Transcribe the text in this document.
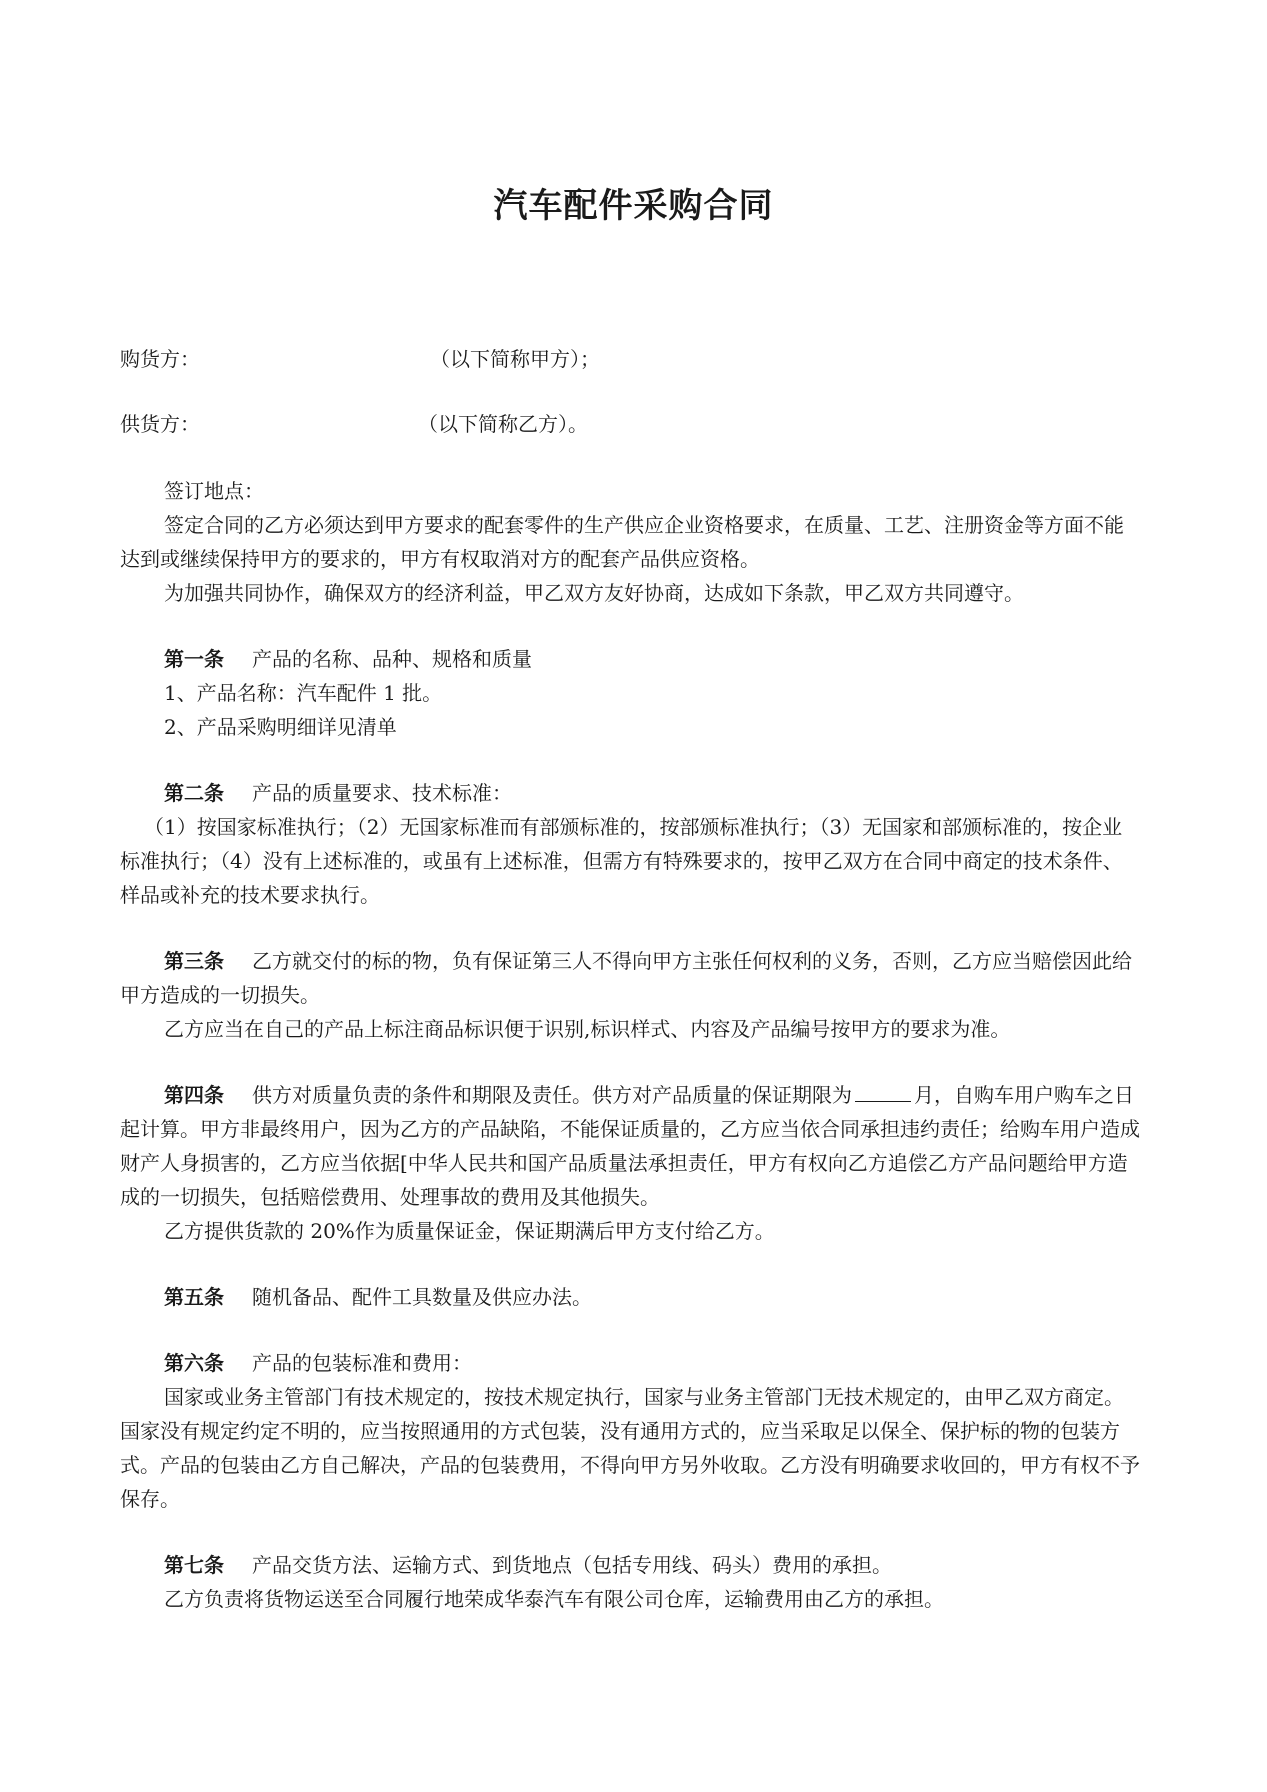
汽车配件采购合同
购货方：	（以下简称甲方）；
供货方：	（以下简称乙方）。

签订地点：

签定合同的乙方必须达到甲方要求的配套零件的生产供应企业资格要求，在质量、工艺、注册资金等方面不能达到或继续保持甲方的要求的，甲方有权取消对方的配套产品供应资格。

为加强共同协作，确保双方的经济利益，甲乙双方友好协商，达成如下条款，甲乙双方共同遵守。

第一条 产品的名称、品种、规格和质量

1、产品名称：汽车配件 1 批。

2、产品采购明细详见清单

第二条 产品的质量要求、技术标准：

（1）按国家标准执行；（2）无国家标准而有部颁标准的，按部颁标准执行；（3）无国家和部颁标准的，按企业标准执行；（4）没有上述标准的，或虽有上述标准，但需方有特殊要求的，按甲乙双方在合同中商定的技术条件、样品或补充的技术要求执行。

第三条 乙方就交付的标的物，负有保证第三人不得向甲方主张任何权利的义务，否则，乙方应当赔偿因此给甲方造成的一切损失。

乙方应当在自己的产品上标注商品标识便于识别,标识样式、内容及产品编号按甲方的要求为准。

第四条 供方对质量负责的条件和期限及责任。供方对产品质量的保证期限为	月，自购车用户购车之日起计算。甲方非最终用户，因为乙方的产品缺陷，不能保证质量的，乙方应当依合同承担违约责任；给购车用户造成财产人身损害的，乙方应当依据[中华人民共和国产品质量法承担责任，甲方有权向乙方追偿乙方产品问题给甲方造成的一切损失，包括赔偿费用、处理事故的费用及其他损失。

乙方提供货款的 20%作为质量保证金，保证期满后甲方支付给乙方。

第五条 随机备品、配件工具数量及供应办法。

第六条 产品的包装标准和费用：

国家或业务主管部门有技术规定的，按技术规定执行，国家与业务主管部门无技术规定的，由甲乙双方商定。国家没有规定约定不明的，应当按照通用的方式包装，没有通用方式的，应当采取足以保全、保护标的物的包装方式。产品的包装由乙方自己解决，产品的包装费用，不得向甲方另外收取。乙方没有明确要求收回的，甲方有权不予保存。

第七条 产品交货方法、运输方式、到货地点（包括专用线、码头）费用的承担。

乙方负责将货物运送至合同履行地荣成华泰汽车有限公司仓库，运输费用由乙方的承担。
